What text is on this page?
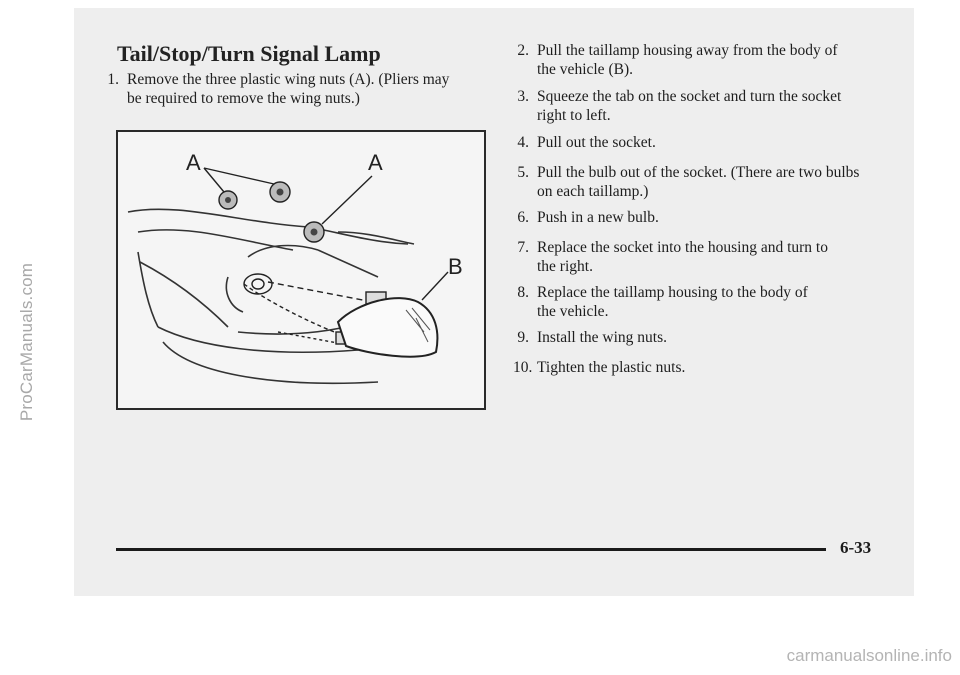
ProCarManuals.com
Tail/Stop/Turn Signal Lamp
1. Remove the three plastic wing nuts (A). (Pliers may
be required to remove the wing nuts.)
A	A
B
2. Pull the taillamp housing away from the body of
the vehicle (B).
3. Squeeze the tab on the socket and turn the socket
right to left.
4. Pull out the socket.
5. Pull the bulb out of the socket. (There are two bulbs
on each taillamp.)
6. Push in a new bulb.
7. Replace the socket into the housing and turn to
the right.
8. Replace the taillamp housing to the body of
the vehicle.
9. Install the wing nuts.
10. Tighten the plastic nuts.
6-33
carmanualsonline.info
